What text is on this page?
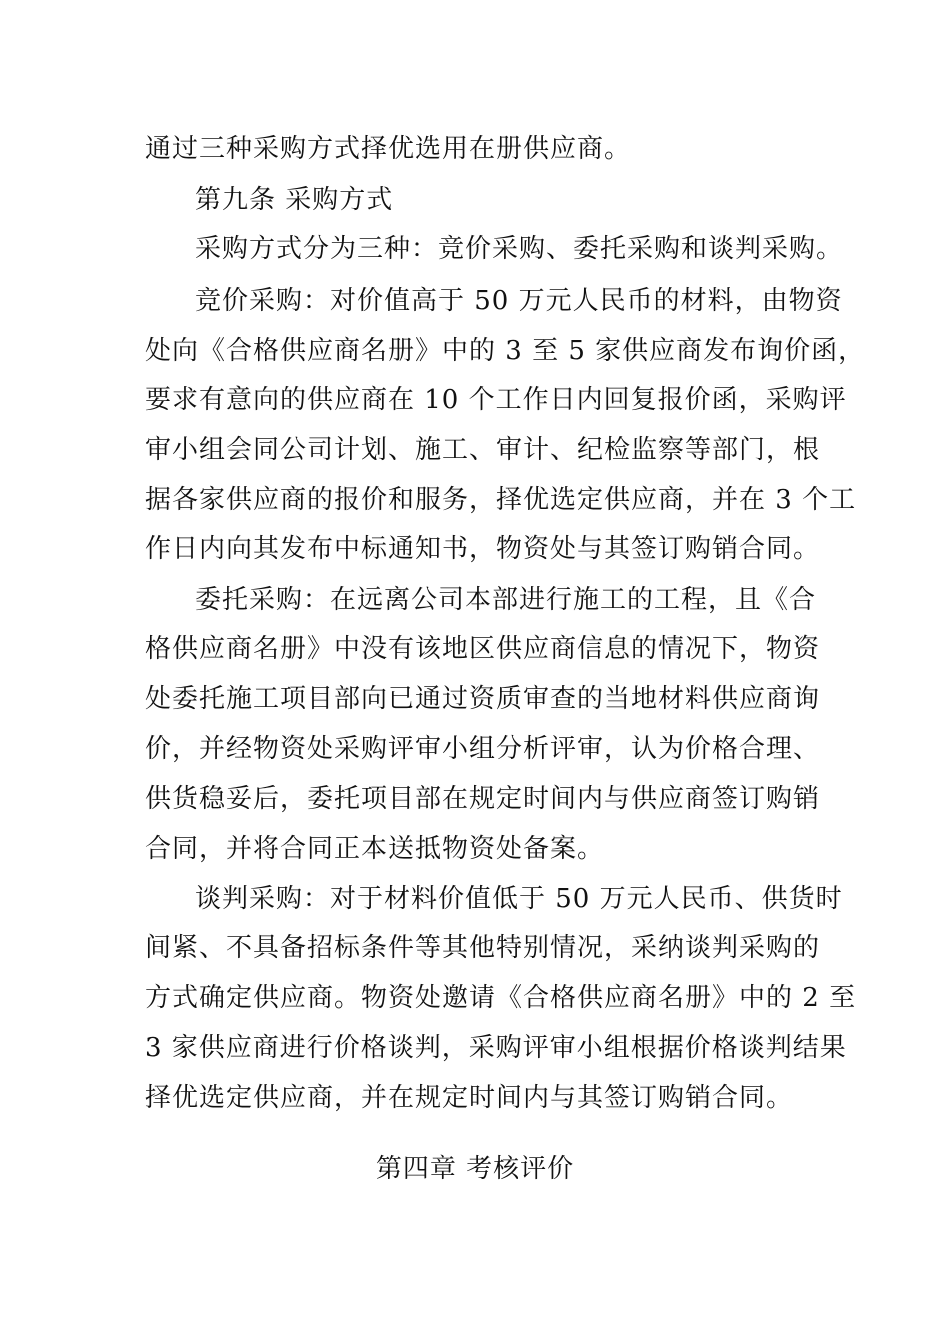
通过三种采购方式择优选用在册供应商。
第九条 采购方式
采购方式分为三种：竞价采购、委托采购和谈判采购。
竞价采购：对价值高于 50 万元人民币的材料，由物资
处向《合格供应商名册》中的 3 至 5 家供应商发布询价函，
要求有意向的供应商在 10 个工作日内回复报价函，采购评
审小组会同公司计划、施工、审计、纪检监察等部门，根
据各家供应商的报价和服务，择优选定供应商，并在 3 个工
作日内向其发布中标通知书，物资处与其签订购销合同。
委托采购：在远离公司本部进行施工的工程，且《合
格供应商名册》中没有该地区供应商信息的情况下，物资
处委托施工项目部向已通过资质审查的当地材料供应商询
价，并经物资处采购评审小组分析评审，认为价格合理、
供货稳妥后，委托项目部在规定时间内与供应商签订购销
合同，并将合同正本送抵物资处备案。
谈判采购：对于材料价值低于 50 万元人民币、供货时
间紧、不具备招标条件等其他特别情况，采纳谈判采购的
方式确定供应商。物资处邀请《合格供应商名册》中的 2 至
3 家供应商进行价格谈判，采购评审小组根据价格谈判结果
择优选定供应商，并在规定时间内与其签订购销合同。
第四章 考核评价
